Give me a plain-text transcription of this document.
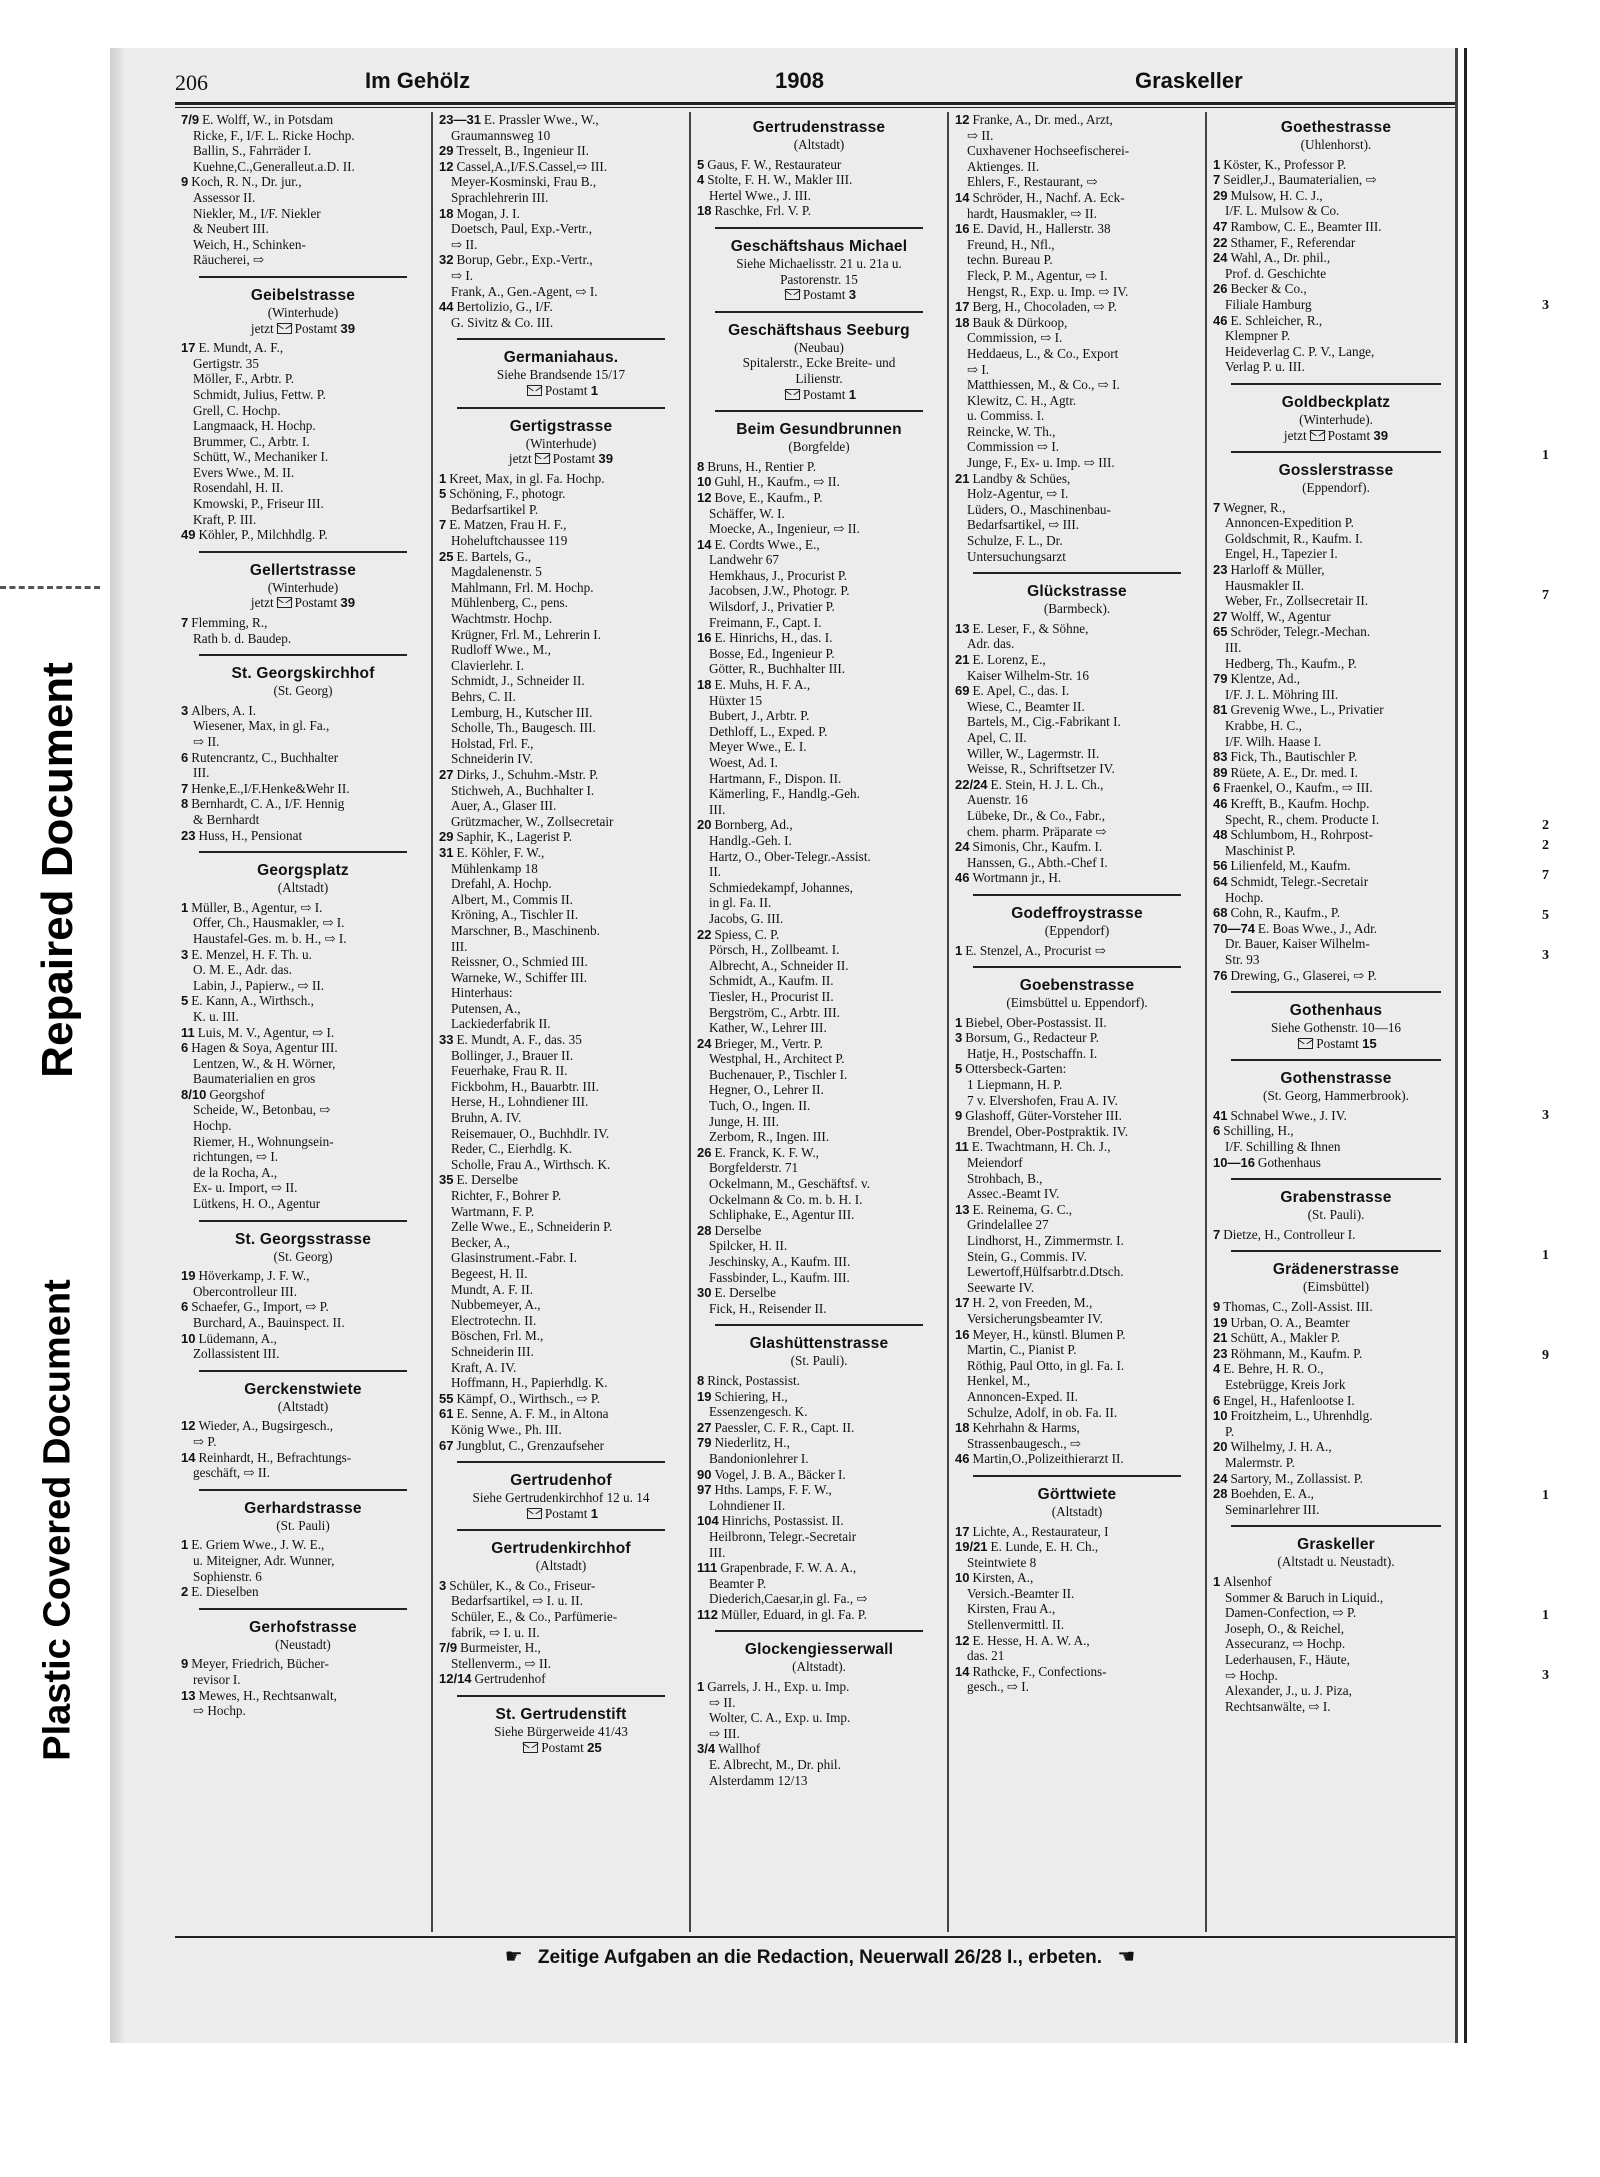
Repaired Document
Plastic Covered Document
206	Im Gehölz	1908	Graskeller
7/9 E. Wolff, W., in Potsdam
Ricke, F., I/F. L. Ricke Hochp.
Ballin, S., Fahrräder I.
Kuehne,C.,Generalleut.a.D. II.
9 Koch, R. N., Dr. jur.,
Assessor II.
Niekler, M., I/F. Niekler
& Neubert III.
Weich, H., Schinken-
Räucherei, ⇨
Geibelstrasse
(Winterhude)
jetzt Postamt 39
17 E. Mundt, A. F.,
Gertigstr. 35
Möller, F., Arbtr. P.
Schmidt, Julius, Fettw. P.
Grell, C. Hochp.
Langmaack, H. Hochp.
Brummer, C., Arbtr. I.
Schütt, W., Mechaniker I.
Evers Wwe., M. II.
Rosendahl, H. II.
Kmowski, P., Friseur III.
Kraft, P. III.
49 Köhler, P., Milchhdlg. P.
Gellertstrasse
(Winterhude)
jetzt Postamt 39
7 Flemming, R.,
Rath b. d. Baudep.
St. Georgskirchhof
(St. Georg)
3 Albers, A. I.
Wiesener, Max, in gl. Fa.,
⇨ II.
6 Rutencrantz, C., Buchhalter
III.
7 Henke,E.,I/F.Henke&Wehr II.
8 Bernhardt, C. A., I/F. Hennig
& Bernhardt
23 Huss, H., Pensionat
Georgsplatz
(Altstadt)
1 Müller, B., Agentur, ⇨ I.
Offer, Ch., Hausmakler, ⇨ I.
Haustafel-Ges. m. b. H., ⇨ I.
3 E. Menzel, H. F. Th. u.
O. M. E., Adr. das.
Labin, J., Papierw., ⇨ II.
5 E. Kann, A., Wirthsch.,
K. u. III.
11 Luis, M. V., Agentur, ⇨ I.
6 Hagen & Soya, Agentur III.
Lentzen, W., & H. Wörner,
Baumaterialien en gros
8/10 Georgshof
Scheide, W., Betonbau, ⇨
Hochp.
Riemer, H., Wohnungsein-
richtungen, ⇨ I.
de la Rocha, A.,
Ex- u. Import, ⇨ II.
Lütkens, H. O., Agentur
St. Georgsstrasse
(St. Georg)
19 Höverkamp, J. F. W.,
Obercontrolleur III.
6 Schaefer, G., Import, ⇨ P.
Burchard, A., Bauinspect. II.
10 Lüdemann, A.,
Zollassistent III.
Gerckenstwiete
(Altstadt)
12 Wieder, A., Bugsirgesch.,
⇨ P.
14 Reinhardt, H., Befrachtungs-
geschäft, ⇨ II.
Gerhardstrasse
(St. Pauli)
1 E. Griem Wwe., J. W. E.,
u. Miteigner, Adr. Wunner,
Sophienstr. 6
2 E. Dieselben
Gerhofstrasse
(Neustadt)
9 Meyer, Friedrich, Bücher-
revisor I.
13 Mewes, H., Rechtsanwalt,
⇨ Hochp.
23—31 E. Prassler Wwe., W.,
Graumannsweg 10
29 Tresselt, B., Ingenieur II.
12 Cassel,A.,I/F.S.Cassel,⇨ III.
Meyer-Kosminski, Frau B.,
Sprachlehrerin III.
18 Mogan, J. I.
Doetsch, Paul, Exp.-Vertr.,
⇨ II.
32 Borup, Gebr., Exp.-Vertr.,
⇨ I.
Frank, A., Gen.-Agent, ⇨ I.
44 Bertolizio, G., I/F.
G. Sivitz & Co. III.
Germaniahaus.
Siehe Brandsende 15/17
Postamt 1
Gertigstrasse
(Winterhude)
jetzt Postamt 39
1 Kreet, Max, in gl. Fa. Hochp.
5 Schöning, F., photogr.
Bedarfsartikel P.
7 E. Matzen, Frau H. F.,
Hoheluftchaussee 119
25 E. Bartels, G.,
Magdalenenstr. 5
Mahlmann, Frl. M. Hochp.
Mühlenberg, C., pens.
Wachtmstr. Hochp.
Krügner, Frl. M., Lehrerin I.
Rudloff Wwe., M.,
Clavierlehr. I.
Schmidt, J., Schneider II.
Behrs, C. II.
Lemburg, H., Kutscher III.
Scholle, Th., Baugesch. III.
Holstad, Frl. F.,
Schneiderin IV.
27 Dirks, J., Schuhm.-Mstr. P.
Stichweh, A., Buchhalter I.
Auer, A., Glaser III.
Grützmacher, W., Zollsecretair
29 Saphir, K., Lagerist P.
31 E. Köhler, F. W.,
Mühlenkamp 18
Drefahl, A. Hochp.
Albert, M., Commis II.
Kröning, A., Tischler II.
Marschner, B., Maschinenb.
III.
Reissner, O., Schmied III.
Warneke, W., Schiffer III.
Hinterhaus:
Putensen, A.,
Lackiederfabrik II.
33 E. Mundt, A. F., das. 35
Bollinger, J., Brauer II.
Feuerhake, Frau R. II.
Fickbohm, H., Bauarbtr. III.
Herse, H., Lohndiener III.
Bruhn, A. IV.
Reisemauer, O., Buchhdlr. IV.
Reder, C., Eierhdlg. K.
Scholle, Frau A., Wirthsch. K.
35 E. Derselbe
Richter, F., Bohrer P.
Wartmann, F. P.
Zelle Wwe., E., Schneiderin P.
Becker, A.,
Glasinstrument.-Fabr. I.
Begeest, H. II.
Mundt, A. F. II.
Nubbemeyer, A.,
Electrotechn. II.
Böschen, Frl. M.,
Schneiderin III.
Kraft, A. IV.
Hoffmann, H., Papierhdlg. K.
55 Kämpf, O., Wirthsch., ⇨ P.
61 E. Senne, A. F. M., in Altona
König Wwe., Ph. III.
67 Jungblut, C., Grenzaufseher
Gertrudenhof
Siehe Gertrudenkirchhof 12 u. 14
Postamt 1
Gertrudenkirchhof
(Altstadt)
3 Schüler, K., & Co., Friseur-
Bedarfsartikel, ⇨ I. u. II.
Schüler, E., & Co., Parfümerie-
fabrik, ⇨ I. u. II.
7/9 Burmeister, H.,
Stellenverm., ⇨ II.
12/14 Gertrudenhof
St. Gertrudenstift
Siehe Bürgerweide 41/43
Postamt 25
Gertrudenstrasse
(Altstadt)
5 Gaus, F. W., Restaurateur
4 Stolte, F. H. W., Makler III.
Hertel Wwe., J. III.
18 Raschke, Frl. V. P.
Geschäftshaus Michael
Siehe Michaelisstr. 21 u. 21a u.
Pastorenstr. 15
Postamt 3
Geschäftshaus Seeburg
(Neubau)
Spitalerstr., Ecke Breite- und
Lilienstr.
Postamt 1
Beim Gesundbrunnen
(Borgfelde)
8 Bruns, H., Rentier P.
10 Guhl, H., Kaufm., ⇨ II.
12 Bove, E., Kaufm., P.
Schäffer, W. I.
Moecke, A., Ingenieur, ⇨ II.
14 E. Cordts Wwe., E.,
Landwehr 67
Hemkhaus, J., Procurist P.
Jacobsen, J.W., Photogr. P.
Wilsdorf, J., Privatier P.
Freimann, F., Capt. I.
16 E. Hinrichs, H., das. I.
Bosse, Ed., Ingenieur P.
Götter, R., Buchhalter III.
18 E. Muhs, H. F. A.,
Hüxter 15
Bubert, J., Arbtr. P.
Dethloff, L., Exped. P.
Meyer Wwe., E. I.
Woest, Ad. I.
Hartmann, F., Dispon. II.
Kämerling, F., Handlg.-Geh.
III.
20 Bornberg, Ad.,
Handlg.-Geh. I.
Hartz, O., Ober-Telegr.-Assist.
II.
Schmiedekampf, Johannes,
in gl. Fa. II.
Jacobs, G. III.
22 Spiess, C. P.
Pörsch, H., Zollbeamt. I.
Albrecht, A., Schneider II.
Schmidt, A., Kaufm. II.
Tiesler, H., Procurist II.
Bergström, C., Arbtr. III.
Kather, W., Lehrer III.
24 Brieger, M., Vertr. P.
Westphal, H., Architect P.
Buchenauer, P., Tischler I.
Hegner, O., Lehrer II.
Tuch, O., Ingen. II.
Junge, H. III.
Zerbom, R., Ingen. III.
26 E. Franck, K. F. W.,
Borgfelderstr. 71
Ockelmann, M., Geschäftsf. v.
Ockelmann & Co. m. b. H. I.
Schliphake, E., Agentur III.
28 Derselbe
Spilcker, H. II.
Jeschinsky, A., Kaufm. III.
Fassbinder, L., Kaufm. III.
30 E. Derselbe
Fick, H., Reisender II.
Glashüttenstrasse
(St. Pauli).
8 Rinck, Postassist.
19 Schiering, H.,
Essenzengesch. K.
27 Paessler, C. F. R., Capt. II.
79 Niederlitz, H.,
Bandonionlehrer I.
90 Vogel, J. B. A., Bäcker I.
97 Hths. Lamps, F. F. W.,
Lohndiener II.
104 Hinrichs, Postassist. II.
Heilbronn, Telegr.-Secretair
III.
111 Grapenbrade, F. W. A. A.,
Beamter P.
Diederich,Caesar,in gl. Fa., ⇨
112 Müller, Eduard, in gl. Fa. P.
Glockengiesserwall
(Altstadt).
1 Garrels, J. H., Exp. u. Imp.
⇨ II.
Wolter, C. A., Exp. u. Imp.
⇨ III.
3/4 Wallhof
E. Albrecht, M., Dr. phil.
Alsterdamm 12/13
12 Franke, A., Dr. med., Arzt,
⇨ II.
Cuxhavener Hochseefischerei-
Aktienges. II.
Ehlers, F., Restaurant, ⇨
14 Schröder, H., Nachf. A. Eck-
hardt, Hausmakler, ⇨ II.
16 E. David, H., Hallerstr. 38
Freund, H., Nfl.,
techn. Bureau P.
Fleck, P. M., Agentur, ⇨ I.
Hengst, R., Exp. u. Imp. ⇨ IV.
17 Berg, H., Chocoladen, ⇨ P.
18 Bauk & Dürkoop,
Commission, ⇨ I.
Heddaeus, L., & Co., Export
⇨ I.
Matthiessen, M., & Co., ⇨ I.
Klewitz, C. H., Agtr.
u. Commiss. I.
Reincke, W. Th.,
Commission ⇨ I.
Junge, F., Ex- u. Imp. ⇨ III.
21 Landby & Schües,
Holz-Agentur, ⇨ I.
Lüders, O., Maschinenbau-
Bedarfsartikel, ⇨ III.
Schulze, F. L., Dr.
Untersuchungsarzt
Glückstrasse
(Barmbeck).
13 E. Leser, F., & Söhne,
Adr. das.
21 E. Lorenz, E.,
Kaiser Wilhelm-Str. 16
69 E. Apel, C., das. I.
Wiese, C., Beamter II.
Bartels, M., Cig.-Fabrikant I.
Apel, C. II.
Willer, W., Lagermstr. II.
Weisse, R., Schriftsetzer IV.
22/24 E. Stein, H. J. L. Ch.,
Auenstr. 16
Lübeke, Dr., & Co., Fabr.,
chem. pharm. Präparate ⇨
24 Simonis, Chr., Kaufm. I.
Hanssen, G., Abth.-Chef I.
46 Wortmann jr., H.
Godeffroystrasse
(Eppendorf)
1 E. Stenzel, A., Procurist ⇨
Goebenstrasse
(Eimsbüttel u. Eppendorf).
1 Biebel, Ober-Postassist. II.
3 Borsum, G., Redacteur P.
Hatje, H., Postschaffn. I.
5 Ottersbeck-Garten:
1 Liepmann, H. P.
7 v. Elvershofen, Frau A. IV.
9 Glashoff, Güter-Vorsteher III.
Brendel, Ober-Postpraktik. IV.
11 E. Twachtmann, H. Ch. J.,
Meiendorf
Strohbach, B.,
Assec.-Beamt IV.
13 E. Reinema, G. C.,
Grindelallee 27
Lindhorst, H., Zimmermstr. I.
Stein, G., Commis. IV.
Lewertoff,Hülfsarbtr.d.Dtsch.
Seewarte IV.
17 H. 2, von Freeden, M.,
Versicherungsbeamter IV.
16 Meyer, H., künstl. Blumen P.
Martin, C., Pianist P.
Röthig, Paul Otto, in gl. Fa. I.
Henkel, M.,
Annoncen-Exped. II.
Schulze, Adolf, in ob. Fa. II.
18 Kehrhahn & Harms,
Strassenbaugesch., ⇨
46 Martin,O.,Polizeithierarzt II.
Görttwiete
(Altstadt)
17 Lichte, A., Restaurateur, I
19/21 E. Lunde, E. H. Ch.,
Steintwiete 8
10 Kirsten, A.,
Versich.-Beamter II.
Kirsten, Frau A.,
Stellenvermittl. II.
12 E. Hesse, H. A. W. A.,
das. 21
14 Rathcke, F., Confections-
gesch., ⇨ I.
Goethestrasse
(Uhlenhorst).
1 Köster, K., Professor P.
7 Seidler,J., Baumaterialien, ⇨
29 Mulsow, H. C. J.,
I/F. L. Mulsow & Co.
47 Rambow, C. E., Beamter III.
22 Sthamer, F., Referendar
24 Wahl, A., Dr. phil.,
Prof. d. Geschichte
26 Becker & Co.,
Filiale Hamburg
46 E. Schleicher, R.,
Klempner P.
Heideverlag C. P. V., Lange,
Verlag P. u. III.
Goldbeckplatz
(Winterhude).
jetzt Postamt 39
Gosslerstrasse
(Eppendorf).
7 Wegner, R.,
Annoncen-Expedition P.
Goldschmit, R., Kaufm. I.
Engel, H., Tapezier I.
23 Harloff & Müller,
Hausmakler II.
Weber, Fr., Zollsecretair II.
27 Wolff, W., Agentur
65 Schröder, Telegr.-Mechan.
III.
Hedberg, Th., Kaufm., P.
79 Klentze, Ad.,
I/F. J. L. Möhring III.
81 Grevenig Wwe., L., Privatier
Krabbe, H. C.,
I/F. Wilh. Haase I.
83 Fick, Th., Bautischler P.
89 Rüete, A. E., Dr. med. I.
6 Fraenkel, O., Kaufm., ⇨ III.
46 Krefft, B., Kaufm. Hochp.
Specht, R., chem. Producte I.
48 Schlumbom, H., Rohrpost-
Maschinist P.
56 Lilienfeld, M., Kaufm.
64 Schmidt, Telegr.-Secretair
Hochp.
68 Cohn, R., Kaufm., P.
70—74 E. Boas Wwe., J., Adr.
Dr. Bauer, Kaiser Wilhelm-
Str. 93
76 Drewing, G., Glaserei, ⇨ P.
Gothenhaus
Siehe Gothenstr. 10—16
Postamt 15
Gothenstrasse
(St. Georg, Hammerbrook).
41 Schnabel Wwe., J. IV.
6 Schilling, H.,
I/F. Schilling & Ihnen
10—16 Gothenhaus
Grabenstrasse
(St. Pauli).
7 Dietze, H., Controlleur I.
Grädenerstrasse
(Eimsbüttel)
9 Thomas, C., Zoll-Assist. III.
19 Urban, O. A., Beamter
21 Schütt, A., Makler P.
23 Röhmann, M., Kaufm. P.
4 E. Behre, H. R. O.,
Estebrügge, Kreis Jork
6 Engel, H., Hafenlootse I.
10 Froitzheim, L., Uhrenhdlg.
P.
20 Wilhelmy, J. H. A.,
Malermstr. P.
24 Sartory, M., Zollassist. P.
28 Boehden, E. A.,
Seminarlehrer III.
Graskeller
(Altstadt u. Neustadt).
1 Alsenhof
Sommer & Baruch in Liquid.,
Damen-Confection, ⇨ P.
Joseph, O., & Reichel,
Assecuranz, ⇨ Hochp.
Lederhausen, F., Häute,
⇨ Hochp.
Alexander, J., u. J. Piza,
Rechtsanwälte, ⇨ I.
☛ Zeitige Aufgaben an die Redaction, Neuerwall 26/28 I., erbeten. ☚
3
1
7
2
2
7
5
3
3
1
9
1
1
3
